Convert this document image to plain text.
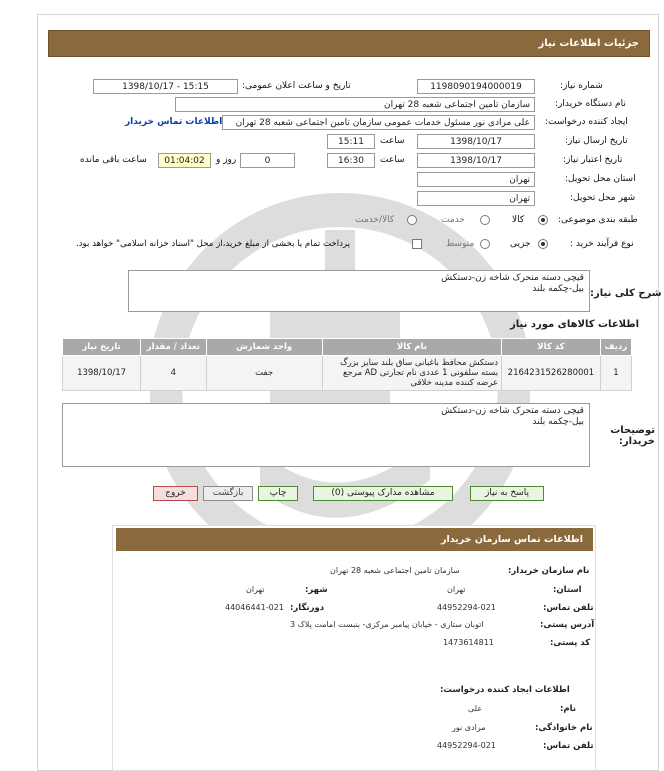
جزئیات اطلاعات نیاز
شماره نیاز:
1198090194000019
تاریخ و ساعت اعلان عمومی:
1398/10/17 - 15:15
نام دستگاه خریدار:
سازمان تامین اجتماعی شعبه 28 تهران
ایجاد کننده درخواست:
علی مرادی نور مسئول خدمات عمومی سازمان تامین اجتماعی شعبه 28 تهران
اطلاعات تماس خریدار
تاریخ ارسال نیاز:
1398/10/17
ساعت
15:11
تاریخ اعتبار نیاز:
1398/10/17
ساعت
16:30
0
روز و
01:04:02
ساعت باقی مانده
استان محل تحویل:
تهران
شهر محل تحویل:
تهران
طبقه بندی موضوعی:
کالا
خدمت
کالا/خدمت
نوع فرآیند خرید :
جزیی
متوسط
پرداخت تمام یا بخشی از مبلغ خرید،از محل "اسناد خزانه اسلامی" خواهد بود.
شرح کلی نیاز:
قیچی دسته متحرک شاخه زن-دستکش
بیل-چکمه بلند
اطلاعات کالاهای مورد نیاز
ردیف	کد کالا	نام کالا	واحد شمارش	تعداد / مقدار	تاریخ نیاز
1	2164231526280001	دستکش محافظ باغبانی ساق بلند سایز بزرگ بسته سلفونی 1 عددی نام تجارتی AD مرجع عرضه کننده مدینه خلاقی	جفت	4	1398/10/17
توضیحات خریدار:
قیچی دسته متحرک شاخه زن-دستکش
بیل-چکمه بلند
پاسخ به نیاز
مشاهده مدارک پیوستی (0)
چاپ
بازگشت
خروج
اطلاعات تماس سازمان خریدار
نام سازمان خریدار:
سازمان تامین اجتماعی شعبه 28 تهران
استان:
تهران
شهر:
تهران
تلفن تماس:
44952294-021
دورنگار:
44046441-021
آدرس پستی:
اتوبان ستاری - خیابان پیامبر مرکزی- بنبست امامت پلاک 3
کد پستی:
1473614811
اطلاعات ایجاد کننده درخواست:
نام:
علی
نام خانوادگی:
مرادی نور
تلفن تماس:
44952294-021
